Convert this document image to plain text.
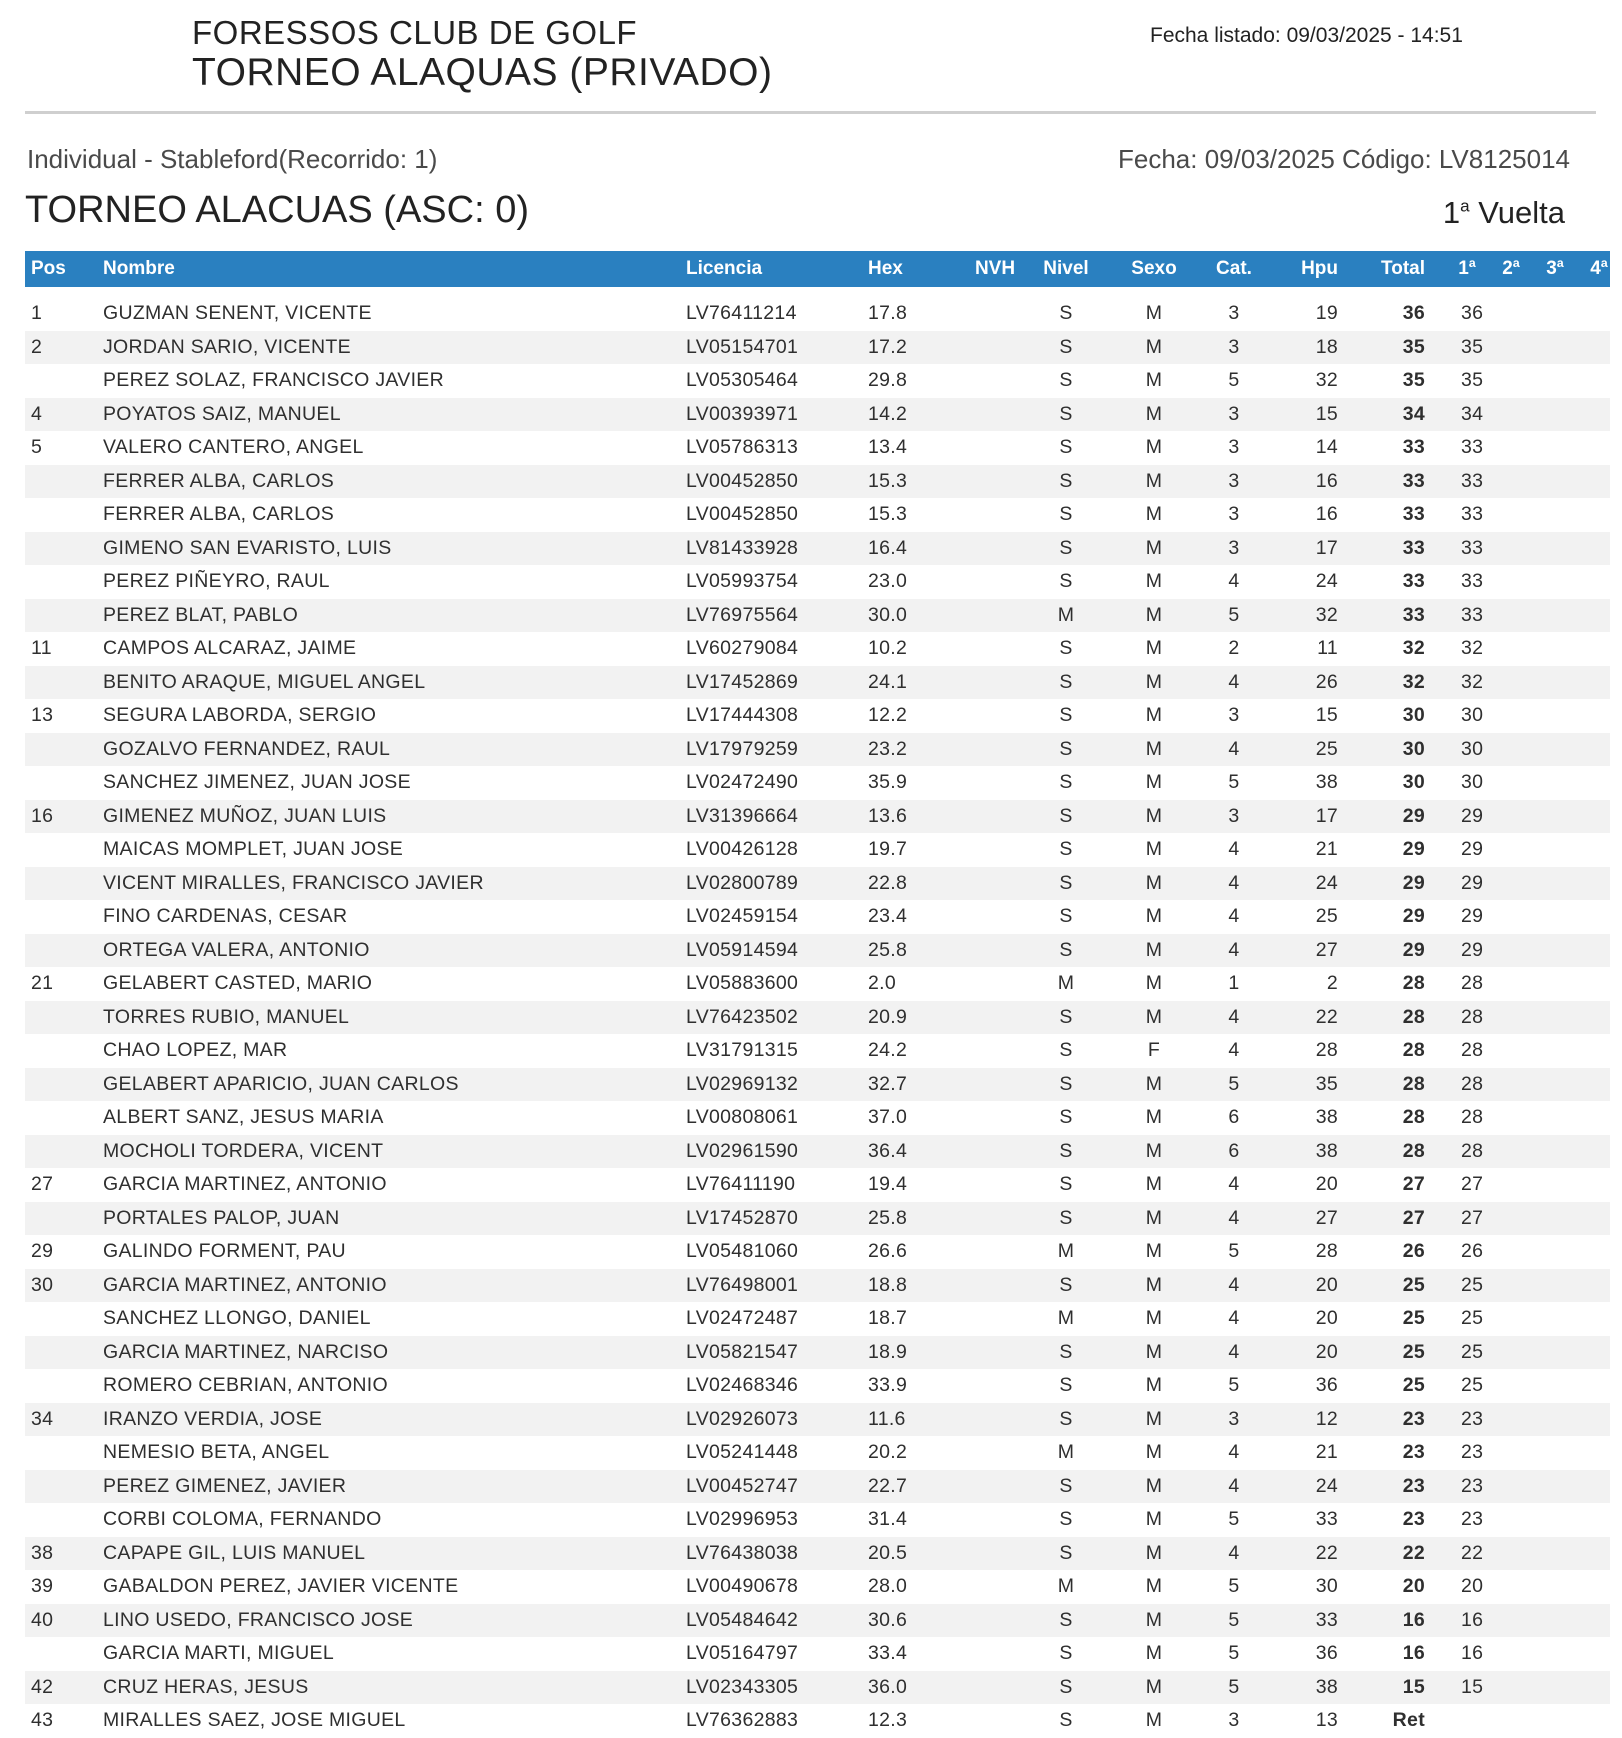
FORESSOS CLUB DE GOLF
TORNEO ALAQUAS (PRIVADO)
Fecha listado: 09/03/2025 - 14:51
Individual - Stableford(Recorrido: 1)	Fecha: 09/03/2025 Código: LV8125014
TORNEO ALACUAS (ASC: 0)	1$^a$ Vuelta
Pos Nombre	Licencia	Hex	NVH	Nivel	Sexo	Cat.	Hpu Total	1ª	2ª	3ª	4ª
1	GUZMAN SENENT, VICENTE	LV76411214	17.8	S	M	3	19	36	36
2	JORDAN SARIO, VICENTE	LV05154701	17.2	S	M	3	18	35	35
PEREZ SOLAZ, FRANCISCO JAVIER	LV05305464	29.8	S	M	5	32	35	35
4	POYATOS SAIZ, MANUEL	LV00393971	14.2	S	M	3	15	34	34
5	VALERO CANTERO, ANGEL	LV05786313	13.4	S	M	3	14	33	33
FERRER ALBA, CARLOS	LV00452850	15.3	S	M	3	16	33	33
FERRER ALBA, CARLOS	LV00452850	15.3	S	M	3	16	33	33
GIMENO SAN EVARISTO, LUIS	LV81433928	16.4	S	M	3	17	33	33
PEREZ PIÑEYRO, RAUL	LV05993754	23.0	S	M	4	24	33	33
PEREZ BLAT, PABLO	LV76975564	30.0	M	M	5	32	33	33
11	CAMPOS ALCARAZ, JAIME	LV60279084	10.2	S	M	2	11	32	32
BENITO ARAQUE, MIGUEL ANGEL	LV17452869	24.1	S	M	4	26	32	32
13	SEGURA LABORDA, SERGIO	LV17444308	12.2	S	M	3	15	30	30
GOZALVO FERNANDEZ, RAUL	LV17979259	23.2	S	M	4	25	30	30
SANCHEZ JIMENEZ, JUAN JOSE	LV02472490	35.9	S	M	5	38	30	30
16	GIMENEZ MUÑOZ, JUAN LUIS	LV31396664	13.6	S	M	3	17	29	29
MAICAS MOMPLET, JUAN JOSE	LV00426128	19.7	S	M	4	21	29	29
VICENT MIRALLES, FRANCISCO JAVIER	LV02800789	22.8	S	M	4	24	29	29
FINO CARDENAS, CESAR	LV02459154	23.4	S	M	4	25	29	29
ORTEGA VALERA, ANTONIO	LV05914594	25.8	S	M	4	27	29	29
21	GELABERT CASTED, MARIO	LV05883600	2.0	M	M	1	2	28	28
TORRES RUBIO, MANUEL	LV76423502	20.9	S	M	4	22	28	28
CHAO LOPEZ, MAR	LV31791315	24.2	S	F	4	28	28	28
GELABERT APARICIO, JUAN CARLOS	LV02969132	32.7	S	M	5	35	28	28
ALBERT SANZ, JESUS MARIA	LV00808061	37.0	S	M	6	38	28	28
MOCHOLI TORDERA, VICENT	LV02961590	36.4	S	M	6	38	28	28
27	GARCIA MARTINEZ, ANTONIO	LV76411190	19.4	S	M	4	20	27	27
PORTALES PALOP, JUAN	LV17452870	25.8	S	M	4	27	27	27
29	GALINDO FORMENT, PAU	LV05481060	26.6	M	M	5	28	26	26
30	GARCIA MARTINEZ, ANTONIO	LV76498001	18.8	S	M	4	20	25	25
SANCHEZ LLONGO, DANIEL	LV02472487	18.7	M	M	4	20	25	25
GARCIA MARTINEZ, NARCISO	LV05821547	18.9	S	M	4	20	25	25
ROMERO CEBRIAN, ANTONIO	LV02468346	33.9	S	M	5	36	25	25
34	IRANZO VERDIA, JOSE	LV02926073	11.6	S	M	3	12	23	23
NEMESIO BETA, ANGEL	LV05241448	20.2	M	M	4	21	23	23
PEREZ GIMENEZ, JAVIER	LV00452747	22.7	S	M	4	24	23	23
CORBI COLOMA, FERNANDO	LV02996953	31.4	S	M	5	33	23	23
38	CAPAPE GIL, LUIS MANUEL	LV76438038	20.5	S	M	4	22	22	22
39	GABALDON PEREZ, JAVIER VICENTE	LV00490678	28.0	M	M	5	30	20	20
40	LINO USEDO, FRANCISCO JOSE	LV05484642	30.6	S	M	5	33	16	16
GARCIA MARTI, MIGUEL	LV05164797	33.4	S	M	5	36	16	16
42	CRUZ HERAS, JESUS	LV02343305	36.0	S	M	5	38	15	15
43	MIRALLES SAEZ, JOSE MIGUEL	LV76362883	12.3	S	M	3	13	Ret
